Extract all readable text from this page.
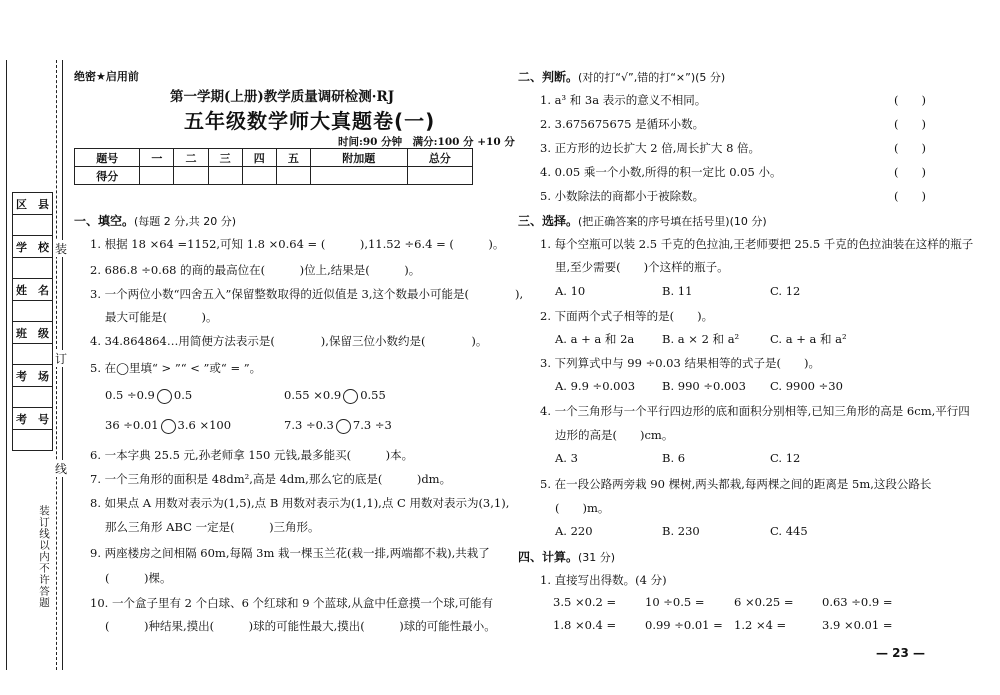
区　县
学　校
姓　名
班　级
考　场
考　号
装
订
线
装订线以内不许答题
绝密★启用前
第一学期(上册)教学质量调研检测·RJ
五年级数学师大真题卷(一)
时间:90 分钟　满分:100 分 +10 分
题号	一	二	三	四	五	附加题	总分
得分							
一、填空。(每题 2 分,共 20 分)
1. 根据 18 ×64 =1152,可知 1.8 ×0.64 = (　　　),11.52 ÷6.4 = (　　　)。
2. 686.8 ÷0.68 的商的最高位在(　　　)位上,结果是(　　　)。
3. 一个两位小数“四舍五入”保留整数取得的近似值是 3,这个数最小可能是(　　　　),
最大可能是(　　　)。
4. 34.864864…用简便方法表示是(　　　　),保留三位小数约是(　　　　)。
5. 在◯里填“ > ”“ < ”或“ = ”。
0.5 ÷0.9 0.5	0.55 ×0.9 0.55
36 ÷0.01 3.6 ×100	7.3 ÷0.3 7.3 ÷3
6. 一本字典 25.5 元,孙老师拿 150 元钱,最多能买(　　　)本。
7. 一个三角形的面积是 48dm²,高是 4dm,那么它的底是(　　　)dm。
8. 如果点 A 用数对表示为(1,5),点 B 用数对表示为(1,1),点 C 用数对表示为(3,1),
那么三角形 ABC 一定是(　　　)三角形。
9. 两座楼房之间相隔 60m,每隔 3m 栽一棵玉兰花(栽一排,两端都不栽),共栽了
(　　　)棵。
10. 一个盒子里有 2 个白球、6 个红球和 9 个蓝球,从盒中任意摸一个球,可能有
(　　　)种结果,摸出(　　　)球的可能性最大,摸出(　　　)球的可能性最小。
二、判断。(对的打“√”,错的打“×”)(5 分)
1. a³ 和 3a 表示的意义不相同。	(　　)
2. 3.675675675 是循环小数。	(　　)
3. 正方形的边长扩大 2 倍,周长扩大 8 倍。	(　　)
4. 0.05 乘一个小数,所得的积一定比 0.05 小。	(　　)
5. 小数除法的商都小于被除数。	(　　)
三、选择。(把正确答案的序号填在括号里)(10 分)
1. 每个空瓶可以装 2.5 千克的色拉油,王老师要把 25.5 千克的色拉油装在这样的瓶子
里,至少需要(　　)个这样的瓶子。
A. 10	B. 11	C. 12
2. 下面两个式子相等的是(　　)。
A. a + a 和 2a B. a × 2 和 a²	C. a + a 和 a²
3. 下列算式中与 99 ÷0.03 结果相等的式子是(　　)。
A. 9.9 ÷0.003 B. 990 ÷0.003 C. 9900 ÷30
4. 一个三角形与一个平行四边形的底和面积分别相等,已知三角形的高是 6cm,平行四
边形的高是(　　)cm。
A. 3	B. 6	C. 12
5. 在一段公路两旁栽 90 棵树,两头都栽,每两棵之间的距离是 5m,这段公路长
(　　)m。
A. 220	B. 230	C. 445
四、计算。(31 分)
1. 直接写出得数。(4 分)
3.5 ×0.2 =	10 ÷0.5 =	6 ×0.25 = 0.63 ÷0.9 =
1.8 ×0.4 =	0.99 ÷0.01 = 1.2 ×4 =	3.9 ×0.01 =
— 23 —
